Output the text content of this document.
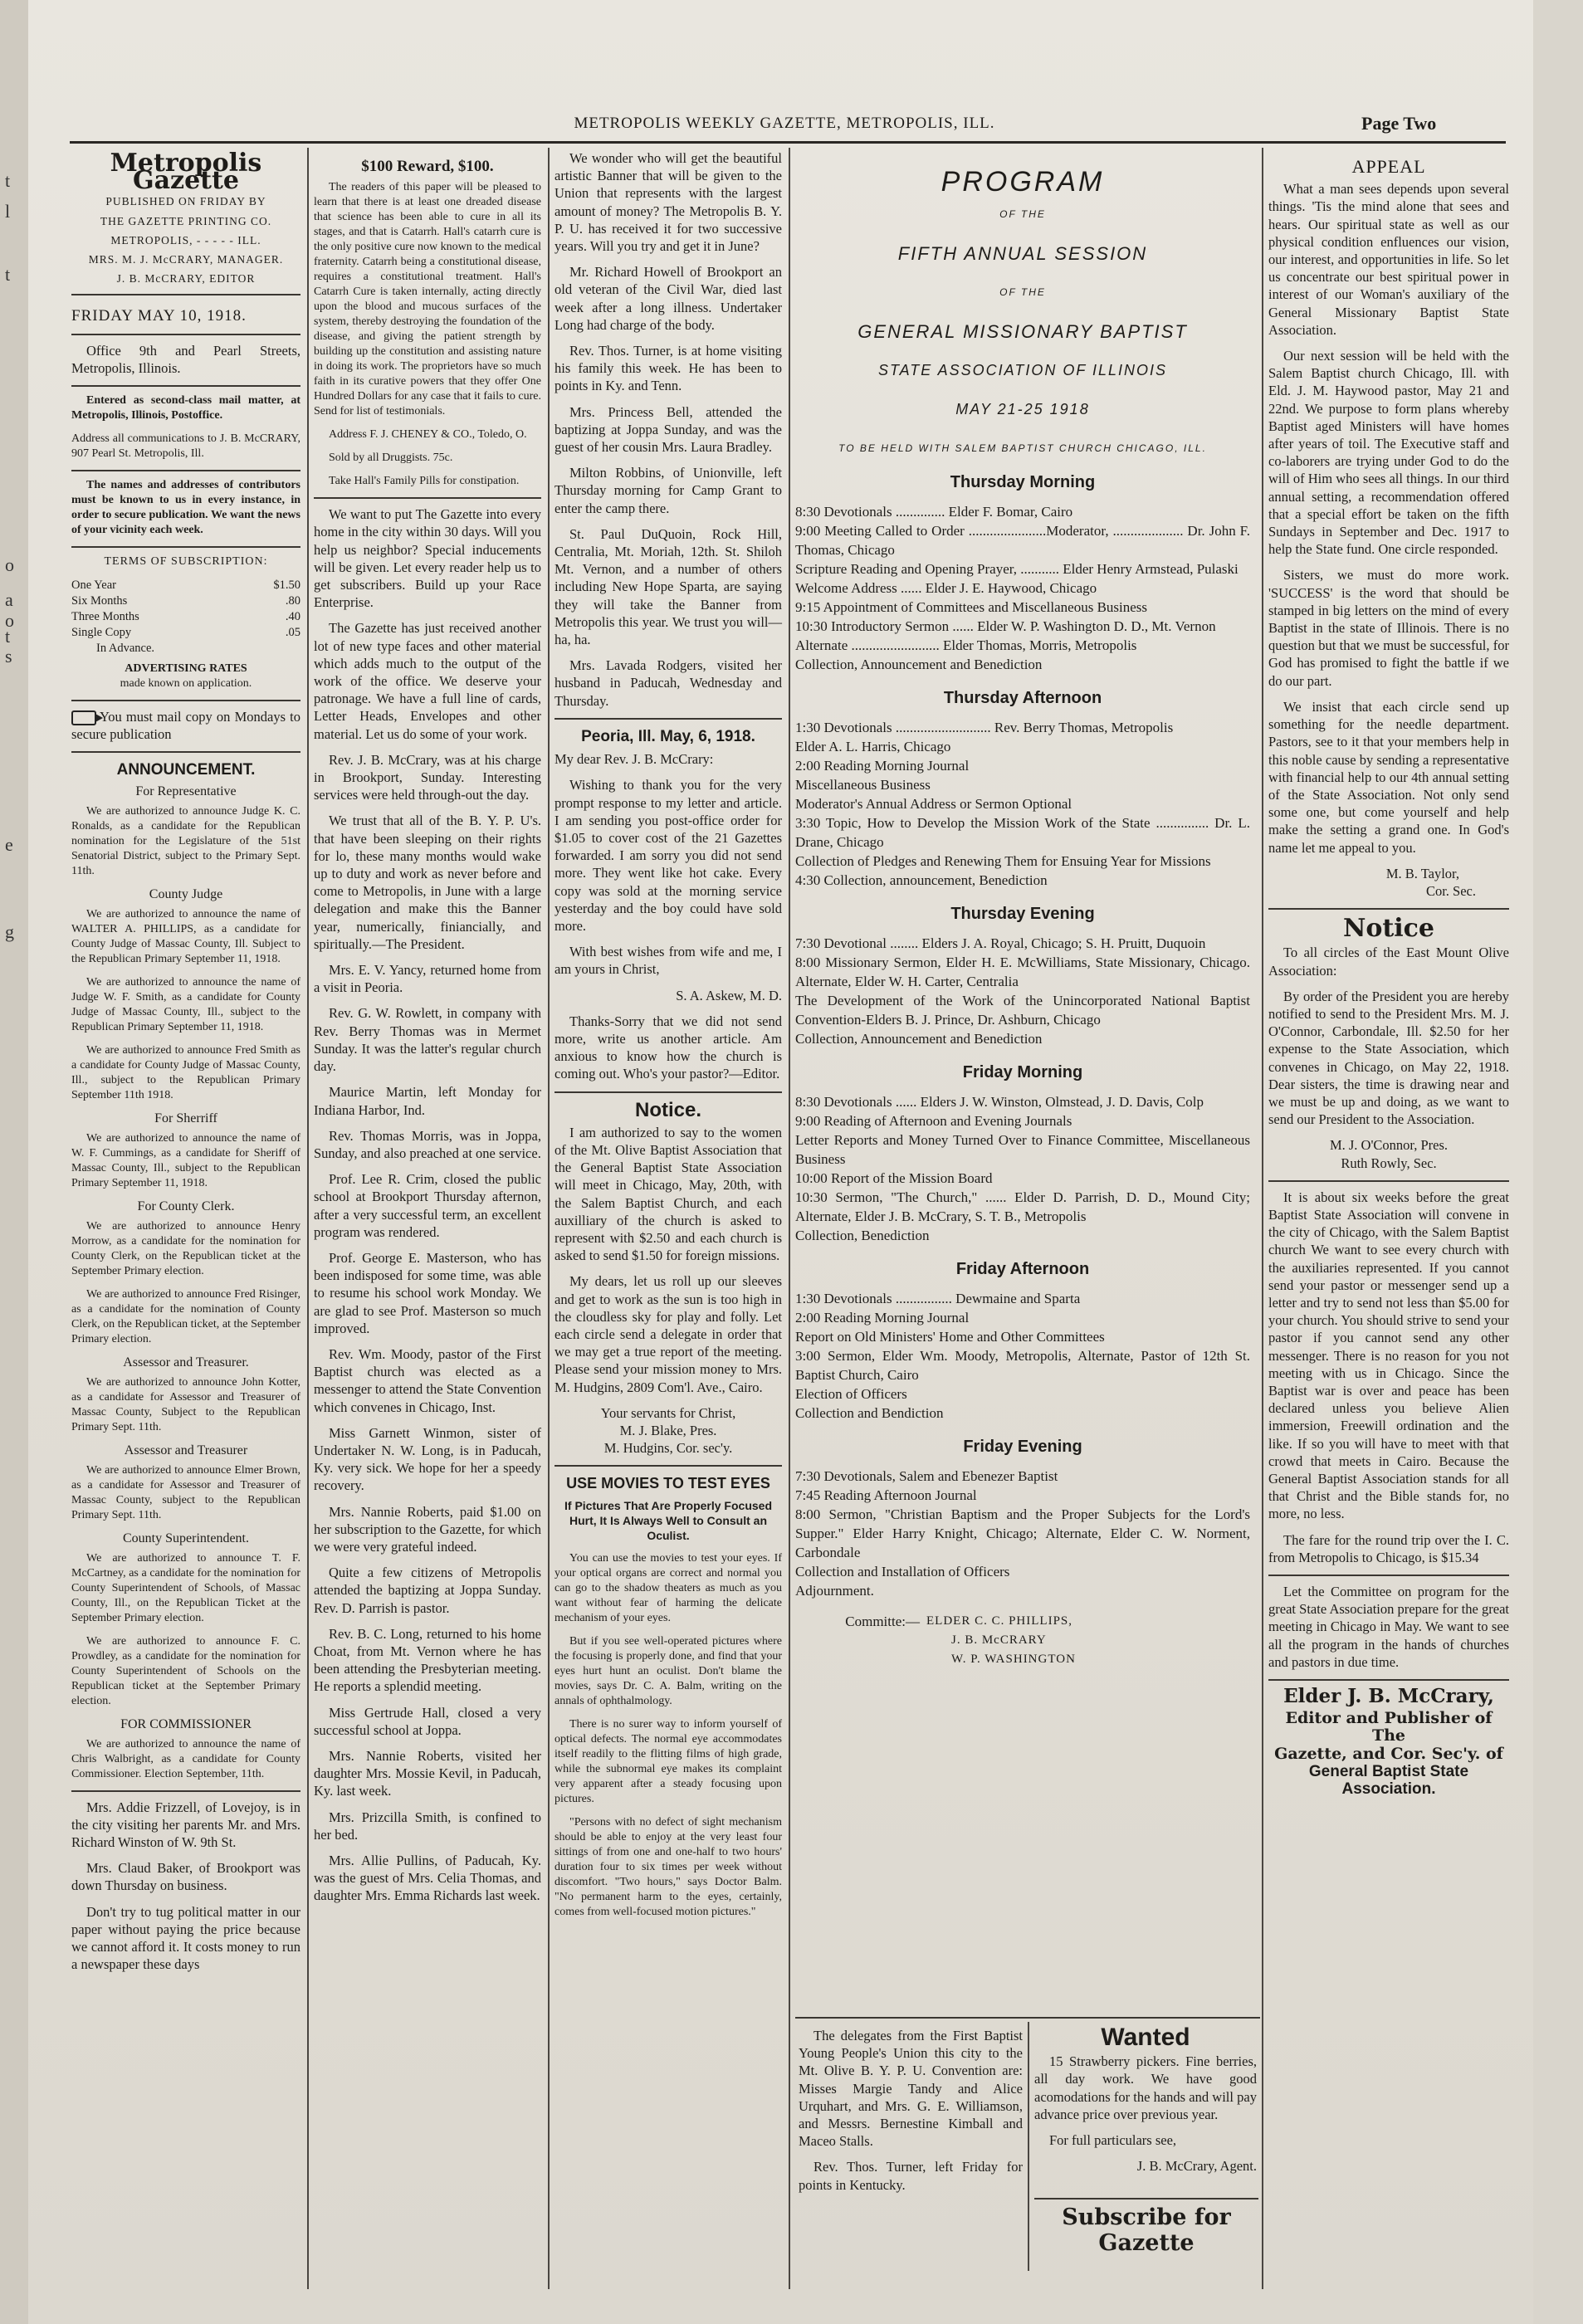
t
l
t
o
a
o
t
s
e
g
METROPOLIS WEEKLY GAZETTE, METROPOLIS, ILL.	Page Two
Metropolis Gazette
PUBLISHED ON FRIDAY BY
THE GAZETTE PRINTING CO.
METROPOLIS, - - - - - ILL.
MRS. M. J. McCRARY, MANAGER.
J. B. McCRARY, EDITOR

FRIDAY MAY 10, 1918.

Office 9th and Pearl Streets, Metropolis, Illinois.

Entered as second-class mail matter, at Metropolis, Illinois, Postoffice.

Address all communications to J. B. McCRARY, 907 Pearl St. Metropolis, Ill.

The names and addresses of contributors must be known to us in every instance, in order to secure publication. We want the news of your vicinity each week.

TERMS OF SUBSCRIPTION:

One Year	$1.50
Six Months	.80
Three Months	.40
Single Copy	.05
In Advance.

ADVERTISING RATES

made known on application.

You must mail copy on Mondays to secure publication

ANNOUNCEMENT.
For Representative

We are authorized to announce Judge K. C. Ronalds, as a candidate for the Republican nomination for the Legislature of the 51st Senatorial District, subject to the Primary Sept. 11th.

County Judge

We are authorized to announce the name of WALTER A. PHILLIPS, as a candidate for County Judge of Massac County, Ill. Subject to the Republican Primary September 11, 1918.

We are authorized to announce the name of Judge W. F. Smith, as a candidate for County Judge of Massac County, Ill., subject to the Republican Primary September 11, 1918.

We are authorized to announce Fred Smith as a candidate for County Judge of Massac County, Ill., subject to the Republican Primary September 11th 1918.

For Sherriff

We are authorized to announce the name of W. F. Cummings, as a candidate for Sheriff of Massac County, Ill., subject to the Republican Primary September 11, 1918.

For County Clerk.

We are authorized to announce Henry Morrow, as a candidate for the nomination for County Clerk, on the Republican ticket at the September Primary election.

We are authorized to announce Fred Risinger, as a candidate for the nomination of County Clerk, on the Republican ticket, at the September Primary election.

Assessor and Treasurer.

We are authorized to announce John Kotter, as a candidate for Assessor and Treasurer of Massac County, Subject to the Republican Primary Sept. 11th.

Assessor and Treasurer

We are authorized to announce Elmer Brown, as a candidate for Assessor and Treasurer of Massac County, subject to the Republican Primary Sept. 11th.

County Superintendent.

We are authorized to announce T. F. McCartney, as a candidate for the nomination for County Superintendent of Schools, of Massac County, Ill., on the Republican Ticket at the September Primary election.

We are authorized to announce F. C. Prowdley, as a candidate for the nomination for County Superintendent of Schools on the Republican ticket at the September Primary election.

FOR COMMISSIONER

We are authorized to announce the name of Chris Walbright, as a candidate for County Commissioner. Election September, 11th.

Mrs. Addie Frizzell, of Lovejoy, is in the city visiting her parents Mr. and Mrs. Richard Winston of W. 9th St.

Mrs. Claud Baker, of Brookport was down Thursday on business.

Don't try to tug political matter in our paper without paying the price because we cannot afford it. It costs money to run a newspaper these days

$100 Reward, $100.

The readers of this paper will be pleased to learn that there is at least one dreaded disease that science has been able to cure in all its stages, and that is Catarrh. Hall's catarrh cure is the only positive cure now known to the medical fraternity. Catarrh being a constitutional disease, requires a constitutional treatment. Hall's Catarrh Cure is taken internally, acting directly upon the blood and mucous surfaces of the system, thereby destroying the foundation of the disease, and giving the patient strength by building up the constitution and assisting nature in doing its work. The proprietors have so much faith in its curative powers that they offer One Hundred Dollars for any case that it fails to cure. Send for list of testimonials.

Address F. J. CHENEY & CO., Toledo, O.

Sold by all Druggists. 75c.

Take Hall's Family Pills for constipation.

We want to put The Gazette into every home in the city within 30 days. Will you help us neighbor? Special inducements will be given. Let every reader help us to get subscribers. Build up your Race Enterprise.

The Gazette has just received another lot of new type faces and other material which adds much to the output of the work of the office. We deserve your patronage. We have a full line of cards, Letter Heads, Envelopes and other material. Let us do some of your work.

Rev. J. B. McCrary, was at his charge in Brookport, Sunday. Interesting services were held through-out the day.

We trust that all of the B. Y. P. U's. that have been sleeping on their rights for lo, these many months would wake up to duty and work as never before and come to Metropolis, in June with a large delegation and make this the Banner year, numerically, finiancially, and spiritually.—The President.

Mrs. E. V. Yancy, returned home from a visit in Peoria.

Rev. G. W. Rowlett, in company with Rev. Berry Thomas was in Mermet Sunday. It was the latter's regular church day.

Maurice Martin, left Monday for Indiana Harbor, Ind.

Rev. Thomas Morris, was in Joppa, Sunday, and also preached at one service.

Prof. Lee R. Crim, closed the public school at Brookport Thursday afternon, after a very successful term, an excellent program was rendered.

Prof. George E. Masterson, who has been indisposed for some time, was able to resume his school work Monday. We are glad to see Prof. Masterson so much improved.

Rev. Wm. Moody, pastor of the First Baptist church was elected as a messenger to attend the State Convention which convenes in Chicago, Inst.

Miss Garnett Winmon, sister of Undertaker N. W. Long, is in Paducah, Ky. very sick. We hope for her a speedy recovery.

Mrs. Nannie Roberts, paid $1.00 on her subscription to the Gazette, for which we were very grateful indeed.

Quite a few citizens of Metropolis attended the baptizing at Joppa Sunday. Rev. D. Parrish is pastor.

Rev. B. C. Long, returned to his home Choat, from Mt. Vernon where he has been attending the Presbyterian meeting. He reports a splendid meeting.

Miss Gertrude Hall, closed a very successful school at Joppa.

Mrs. Nannie Roberts, visited her daughter Mrs. Mossie Kevil, in Paducah, Ky. last week.

Mrs. Prizcilla Smith, is confined to her bed.

Mrs. Allie Pullins, of Paducah, Ky. was the guest of Mrs. Celia Thomas, and daughter Mrs. Emma Richards last week.

We wonder who will get the beautiful artistic Banner that will be given to the Union that represents with the largest amount of money? The Metropolis B. Y. P. U. has received it for two successive years. Will you try and get it in June?

Mr. Richard Howell of Brookport an old veteran of the Civil War, died last week after a long illness. Undertaker Long had charge of the body.

Rev. Thos. Turner, is at home visiting his family this week. He has been to points in Ky. and Tenn.

Mrs. Princess Bell, attended the baptizing at Joppa Sunday, and was the guest of her cousin Mrs. Laura Bradley.

Milton Robbins, of Unionville, left Thursday morning for Camp Grant to enter the camp there.

St. Paul DuQuoin, Rock Hill, Centralia, Mt. Moriah, 12th. St. Shiloh Mt. Vernon, and a number of others including New Hope Sparta, are saying they will take the Banner from Metropolis this year. We trust you will—ha, ha.

Mrs. Lavada Rodgers, visited her husband in Paducah, Wednesday and Thursday.

Peoria, Ill. May, 6, 1918.

My dear Rev. J. B. McCrary:

Wishing to thank you for the very prompt response to my letter and article. I am sending you post-office order for $1.05 to cover cost of the 21 Gazettes forwarded. I am sorry you did not send more. They went like hot cake. Every copy was sold at the morning service yesterday and the boy could have sold more.

With best wishes from wife and me, I am yours in Christ,

S. A. Askew, M. D.

Thanks-Sorry that we did not send more, write us another article. Am anxious to know how the church is coming out. Who's your pastor?—Editor.

Notice.

I am authorized to say to the women of the Mt. Olive Baptist Association that the General Baptist State Association will meet in Chicago, May, 20th, with the Salem Baptist Church, and each auxilliary of the church is asked to represent with $2.50 and each church is asked to send $1.50 for foreign missions.

My dears, let us roll up our sleeves and get to work as the sun is too high in the cloudless sky for play and folly. Let each circle send a delegate in order that we may get a true report of the meeting. Please send your mission money to Mrs. M. Hudgins, 2809 Com'l. Ave., Cairo.

Your servants for Christ,

M. J. Blake, Pres.

M. Hudgins, Cor. sec'y.

USE MOVIES TO TEST EYES

If Pictures That Are Properly Focused Hurt, It Is Always Well to Consult an Oculist.

You can use the movies to test your eyes. If your optical organs are correct and normal you can go to the shadow theaters as much as you want without fear of harming the delicate mechanism of your eyes.

But if you see well-operated pictures where the focusing is properly done, and find that your eyes hurt hunt an oculist. Don't blame the movies, says Dr. C. A. Balm, writing on the annals of ophthalmology.

There is no surer way to inform yourself of optical defects. The normal eye accommodates itself readily to the flitting films of high grade, while the subnormal eye makes its complaint very apparent after a steady focusing upon pictures.

"Persons with no defect of sight mechanism should be able to enjoy at the very least four sittings of from one and one-half to two hours' duration four to six times per week without discomfort. "Two hours," says Doctor Balm. "No permanent harm to the eyes, certainly, comes from well-focused motion pictures."

PROGRAM
OF THE
FIFTH ANNUAL SESSION
OF THE
GENERAL MISSIONARY BAPTIST
STATE ASSOCIATION OF ILLINOIS
MAY 21-25 1918
TO BE HELD WITH SALEM BAPTIST CHURCH CHICAGO, ILL.
Thursday Morning

8:30 Devotionals .............. Elder F. Bomar, Cairo

9:00 Meeting Called to Order ......................Moderator, .................... Dr. John F. Thomas, Chicago

Scripture Reading and Opening Prayer, ........... Elder Henry Armstead, Pulaski

Welcome Address ...... Elder J. E. Haywood, Chicago

9:15 Appointment of Committees and Miscellaneous Business

10:30 Introductory Sermon ...... Elder W. P. Washington D. D., Mt. Vernon

Alternate ......................... Elder Thomas, Morris, Metropolis

Collection, Announcement and Benediction

Thursday Afternoon

1:30 Devotionals ........................... Rev. Berry Thomas, Metropolis

Elder A. L. Harris, Chicago

2:00 Reading Morning Journal

Miscellaneous Business

Moderator's Annual Address or Sermon Optional

3:30 Topic, How to Develop the Mission Work of the State ............... Dr. L. Drane, Chicago

Collection of Pledges and Renewing Them for Ensuing Year for Missions

4:30 Collection, announcement, Benediction

Thursday Evening

7:30 Devotional ........ Elders J. A. Royal, Chicago; S. H. Pruitt, Duquoin

8:00 Missionary Sermon, Elder H. E. McWilliams, State Missionary, Chicago. Alternate, Elder W. H. Carter, Centralia

The Development of the Work of the Unincorporated National Baptist Convention-Elders B. J. Prince, Dr. Ashburn, Chicago

Collection, Announcement and Benediction

Friday Morning

8:30 Devotionals ...... Elders J. W. Winston, Olmstead, J. D. Davis, Colp

9:00 Reading of Afternoon and Evening Journals

Letter Reports and Money Turned Over to Finance Committee, Miscellaneous Business

10:00 Report of the Mission Board

10:30 Sermon, "The Church," ...... Elder D. Parrish, D. D., Mound City; Alternate, Elder J. B. McCrary, S. T. B., Metropolis

Collection, Benediction

Friday Afternoon

1:30 Devotionals ................ Dewmaine and Sparta

2:00 Reading Morning Journal

Report on Old Ministers' Home and Other Committees

3:00 Sermon, Elder Wm. Moody, Metropolis, Alternate, Pastor of 12th St. Baptist Church, Cairo

Election of Officers

Collection and Bendiction

Friday Evening

7:30 Devotionals, Salem and Ebenezer Baptist

7:45 Reading Afternoon Journal

8:00 Sermon, "Christian Baptism and the Proper Subjects for the Lord's Supper." Elder Harry Knight, Chicago; Alternate, Elder C. W. Norment, Carbondale

Collection and Installation of Officers

Adjournment.

Committe:— ELDER C. C. PHILLIPS,
J. B. McCRARY
W. P. WASHINGTON

The delegates from the First Baptist Young People's Union this city to the Mt. Olive B. Y. P. U. Convention are: Misses Margie Tandy and Alice Urquhart, and Mrs. G. E. Williamson, and Messrs. Bernestine Kimball and Maceo Stalls.

Rev. Thos. Turner, left Friday for points in Kentucky.

Wanted

15 Strawberry pickers. Fine berries, all day work. We have good acomodations for the hands and will pay advance price over previous year.

For full particulars see,

J. B. McCrary, Agent.

Subscribe for Gazette
APPEAL

What a man sees depends upon several things. 'Tis the mind alone that sees and hears. Our spiritual state as well as our physical condition enfluences our vision, our interest, and opportunities in life. So let us concentrate our best spiritual power in interest of our Woman's auxiliary of the General Missionary Baptist State Association.

Our next session will be held with the Salem Baptist church Chicago, Ill. with Eld. J. M. Haywood pastor, May 21 and 22nd. We purpose to form plans whereby Baptist aged Ministers will have homes after years of toil. The Executive staff and co-laborers are trying under God to do the will of Him who sees all things. In our third annual setting, a recommendation offered that a special effort be taken on the fifth Sundays in September and Dec. 1917 to help the State fund. One circle responded.

Sisters, we must do more work. 'SUCCESS' is the word that should be stamped in big letters on the mind of every Baptist in the state of Illinois. There is no question but that we must be successful, for God has promised to fight the battle if we do our part.

We insist that each circle send up something for the needle department. Pastors, see to it that your members help in this noble cause by sending a representative with financial help to our 4th annual setting of the State Association. Not only send some one, but come yourself and help make the setting a grand one. In God's name let me appeal to you.

M. B. Taylor,

Cor. Sec.

Notice

To all circles of the East Mount Olive Association:

By order of the President you are hereby notified to send to the President Mrs. M. J. O'Connor, Carbondale, Ill. $2.50 for her expense to the State Association, which convenes in Chicago, on May 22, 1918. Dear sisters, the time is drawing near and we must be up and doing, as we want to send our President to the Association.

M. J. O'Connor, Pres.

Ruth Rowly, Sec.

It is about six weeks before the great Baptist State Association will convene in the city of Chicago, with the Salem Baptist church We want to see every church with the auxiliaries represented. If you cannot send your pastor or messenger send up a letter and try to send not less than $5.00 for your church. You should strive to send your pastor if you cannot send any other messenger. There is no reason for you not meeting with us in Chicago. Since the Baptist war is over and peace has been declared unless you believe Alien immersion, Freewill ordination and the like. If so you will have to meet with that crowd that meets in Cairo. Because the General Baptist Association stands for all that Christ and the Bible stands for, no more, no less.

The fare for the round trip over the I. C. from Metropolis to Chicago, is $15.34

Let the Committee on program for the great State Association prepare for the great meeting in Chicago in May. We want to see all the program in the hands of churches and pastors in due time.

Elder J. B. McCrary,
Editor and Publisher of The
Gazette, and Cor. Sec'y. of
General Baptist State Association.
